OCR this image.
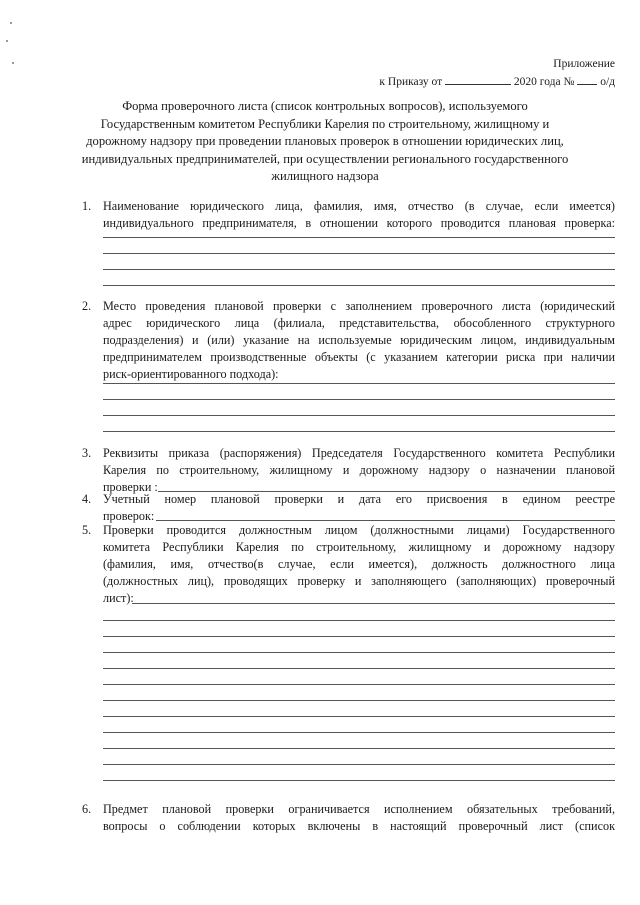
Приложение
к Приказу от	2020 года № о/д
Форма проверочного листа (список контрольных вопросов), используемого
Государственным комитетом Республики Карелия по строительному, жилищному и
дорожному надзору при проведении плановых проверок в отношении юридических лиц,
индивидуальных предпринимателей, при осуществлении регионального государственного
жилищного надзора
1. Наименование юридического лица, фамилия, имя, отчество (в случае, если имеется)
индивидуального предпринимателя, в отношении которого проводится плановая проверка:
2. Место проведения плановой проверки с заполнением проверочного листа (юридический
адрес юридического лица (филиала, представительства, обособленного структурного
подразделения) и (или) указание на используемые юридическим лицом, индивидуальным
предпринимателем производственные объекты (с указанием категории риска при наличии
риск-ориентированного подхода):
3. Реквизиты приказа (распоряжения) Председателя Государственного комитета Республики
Карелия по строительному, жилищному и дорожному надзору о назначении плановой
проверки :
4. Учетный номер плановой проверки и дата его присвоения в едином реестре
проверок:
5. Проверки проводится должностным лицом (должностными лицами) Государственного
комитета Республики Карелия по строительному, жилищному и дорожному надзору
(фамилия, имя, отчество(в случае, если имеется), должность должностного лица
(должностных лиц), проводящих проверку и заполняющего (заполняющих) проверочный
лист):
6. Предмет плановой проверки ограничивается исполнением обязательных требований,
вопросы о соблюдении которых включены в настоящий проверочный лист (список
